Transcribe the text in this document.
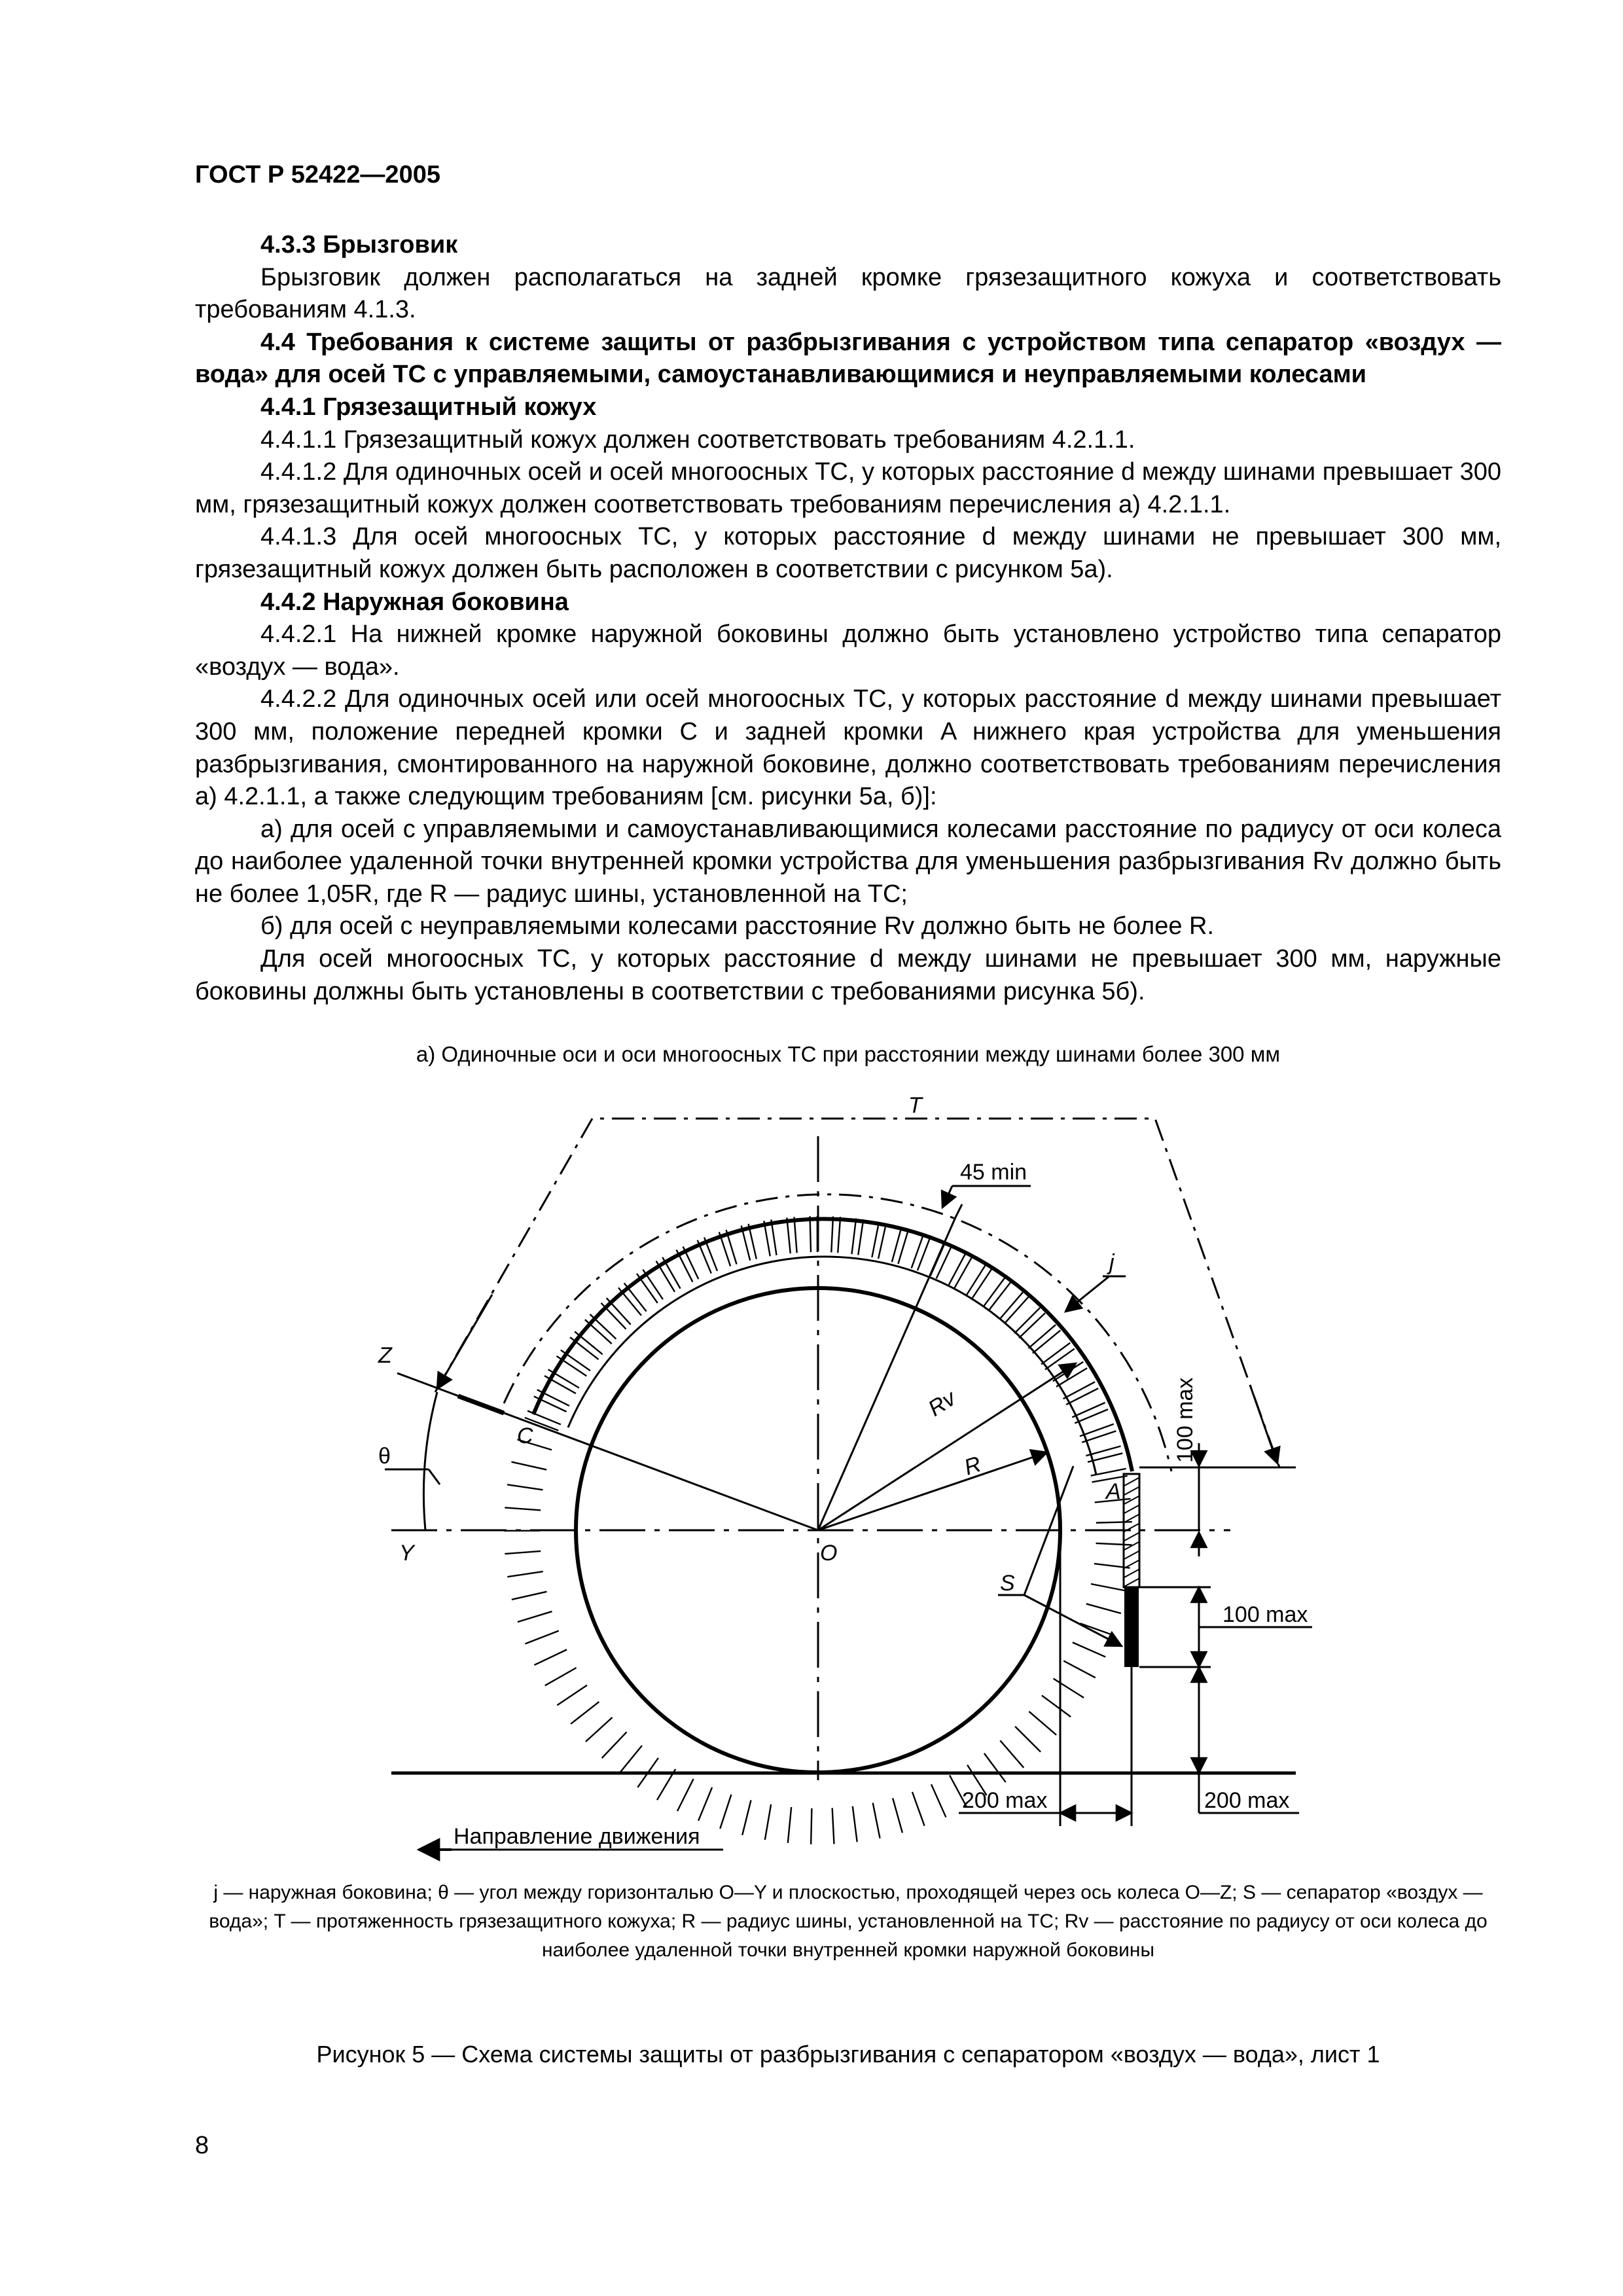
ГОСТ Р 52422—2005

4.3.3 Брызговик

Брызговик должен располагаться на задней кромке грязезащитного кожуха и соответствовать требованиям 4.1.3.

4.4 Требования к системе защиты от разбрызгивания с устройством типа сепаратор «воздух — вода» для осей ТС с управляемыми, самоустанавливающимися и неуправляемыми колесами

4.4.1 Грязезащитный кожух

4.4.1.1 Грязезащитный кожух должен соответствовать требованиям 4.2.1.1.

4.4.1.2 Для одиночных осей и осей многоосных ТС, у которых расстояние d между шинами превышает 300 мм, грязезащитный кожух должен соответствовать требованиям перечисления а) 4.2.1.1.

4.4.1.3 Для осей многоосных ТС, у которых расстояние d между шинами не превышает 300 мм, грязезащитный кожух должен быть расположен в соответствии с рисунком 5а).

4.4.2 Наружная боковина

4.4.2.1 На нижней кромке наружной боковины должно быть установлено устройство типа сепаратор «воздух — вода».

4.4.2.2 Для одиночных осей или осей многоосных ТС, у которых расстояние d между шинами превышает 300 мм, положение передней кромки C и задней кромки A нижнего края устройства для уменьшения разбрызгивания, смонтированного на наружной боковине, должно соответствовать требованиям перечисления а) 4.2.1.1, а также следующим требованиям [см. рисунки 5а, б)]:

а) для осей с управляемыми и самоустанавливающимися колесами расстояние по радиусу от оси колеса до наиболее удаленной точки внутренней кромки устройства для уменьшения разбрызгивания Rv должно быть не более 1,05R, где R — радиус шины, установленной на ТС;

б) для осей с неуправляемыми колесами расстояние Rv должно быть не более R.

Для осей многоосных ТС, у которых расстояние d между шинами не превышает 300 мм, наружные боковины должны быть установлены в соответствии с требованиями рисунка 5б).

а) Одиночные оси и оси многоосных ТС при расстоянии между шинами более 300 мм
T
45 min
j
Z
θ
C
Rv
R
A
Y	O
S
100 max
100 max
200 max	200 max
Направление движения
j — наружная боковина; θ — угол между горизонталью O—Y и плоскостью, проходящей через ось колеса O—Z; S — сепаратор «воздух — вода»; T — протяженность грязезащитного кожуха; R — радиус шины, установленной на ТС; Rv — расстояние по радиусу от оси колеса до наиболее удаленной точки внутренней кромки наружной боковины
Рисунок 5 — Схема системы защиты от разбрызгивания с сепаратором «воздух — вода», лист 1
8
